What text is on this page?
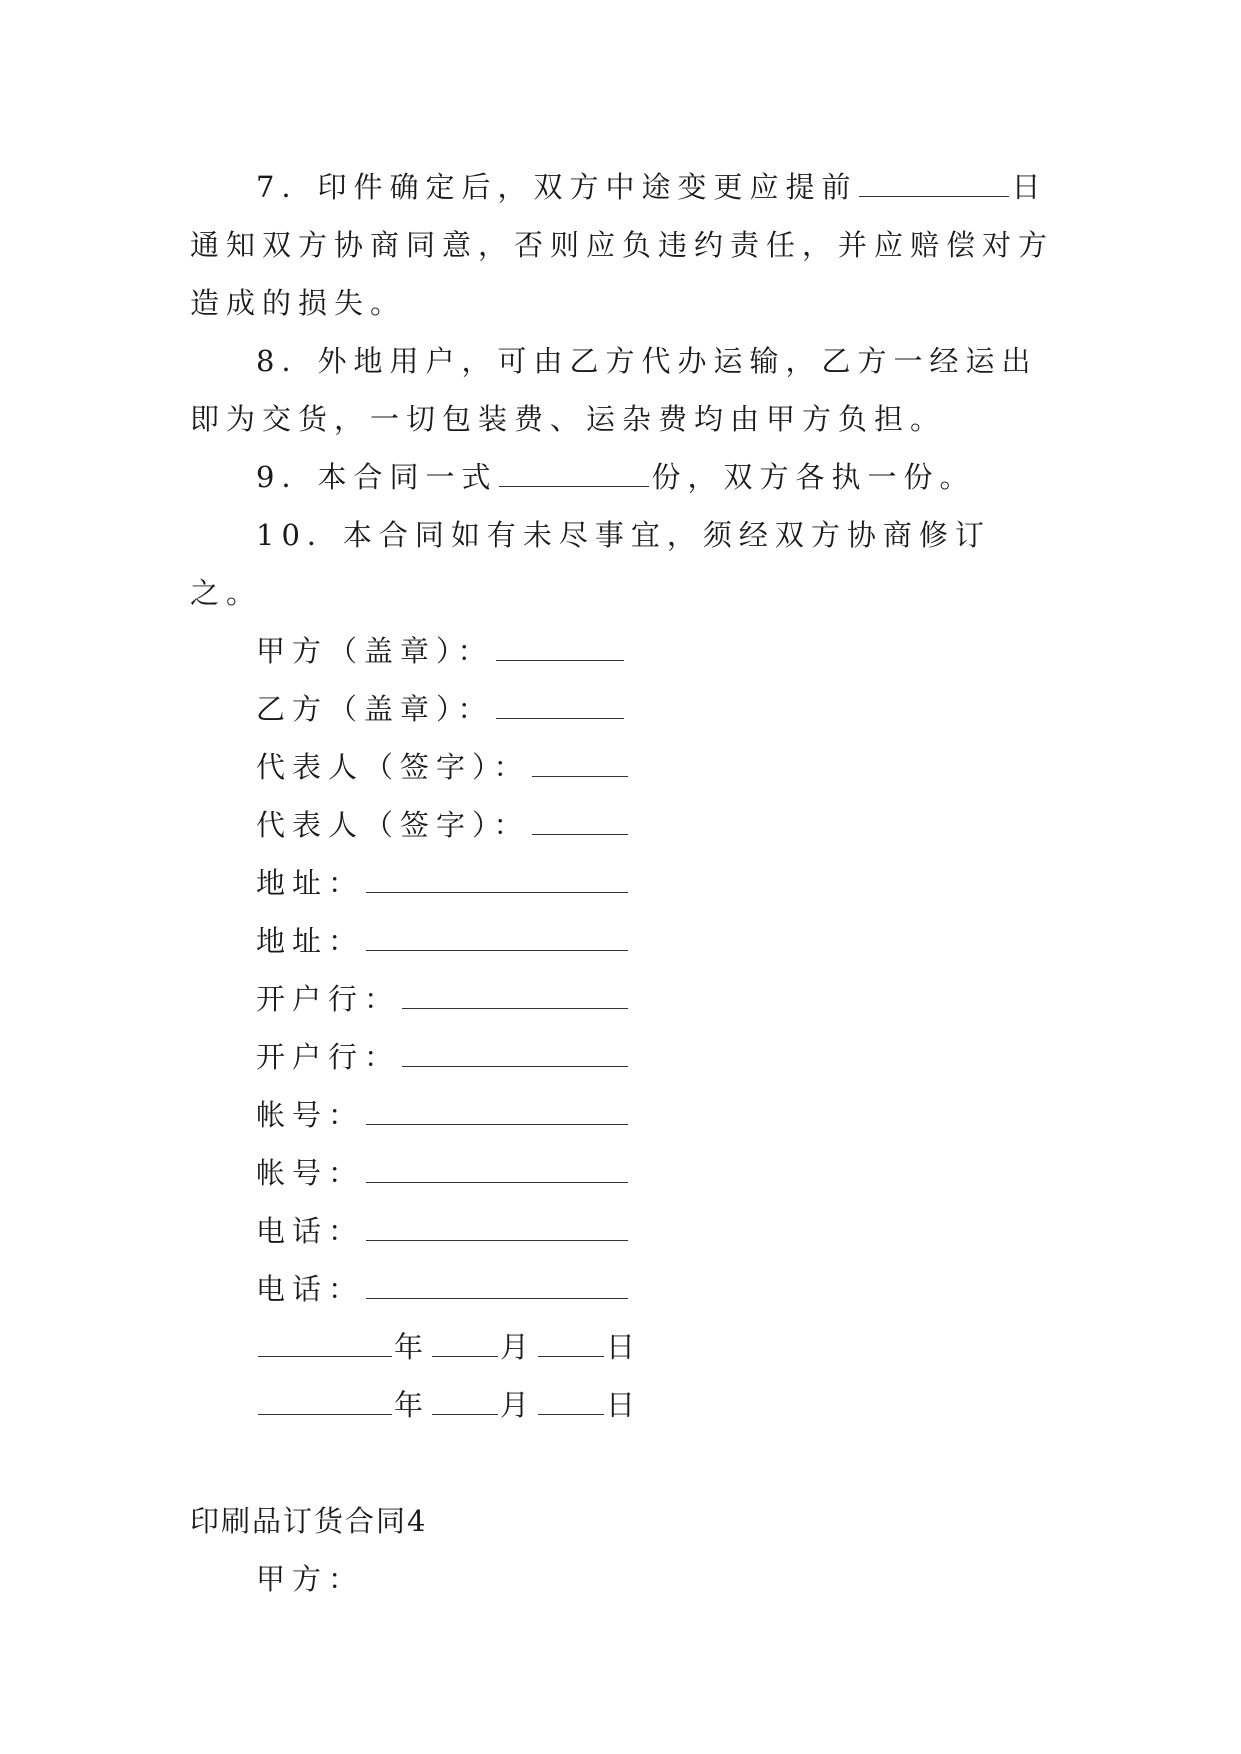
7．印件确定后，双方中途变更应提前	日通知双方协商同意，否则应负违约责任，并应赔偿对方造成的损失。

8．外地用户，可由乙方代办运输，乙方一经运出即为交货，一切包装费、运杂费均由甲方负担。

9．本合同一式	份，双方各执一份。

10．本合同如有未尽事宜，须经双方协商修订之。

甲方（盖章）：

乙方（盖章）：

代表人（签字）：

代表人（签字）：

地址：

地址：

开户行：

开户行：

帐号：

帐号：

电话：

电话：

年 月 日

年 月 日

印刷品订货合同4

甲方：
